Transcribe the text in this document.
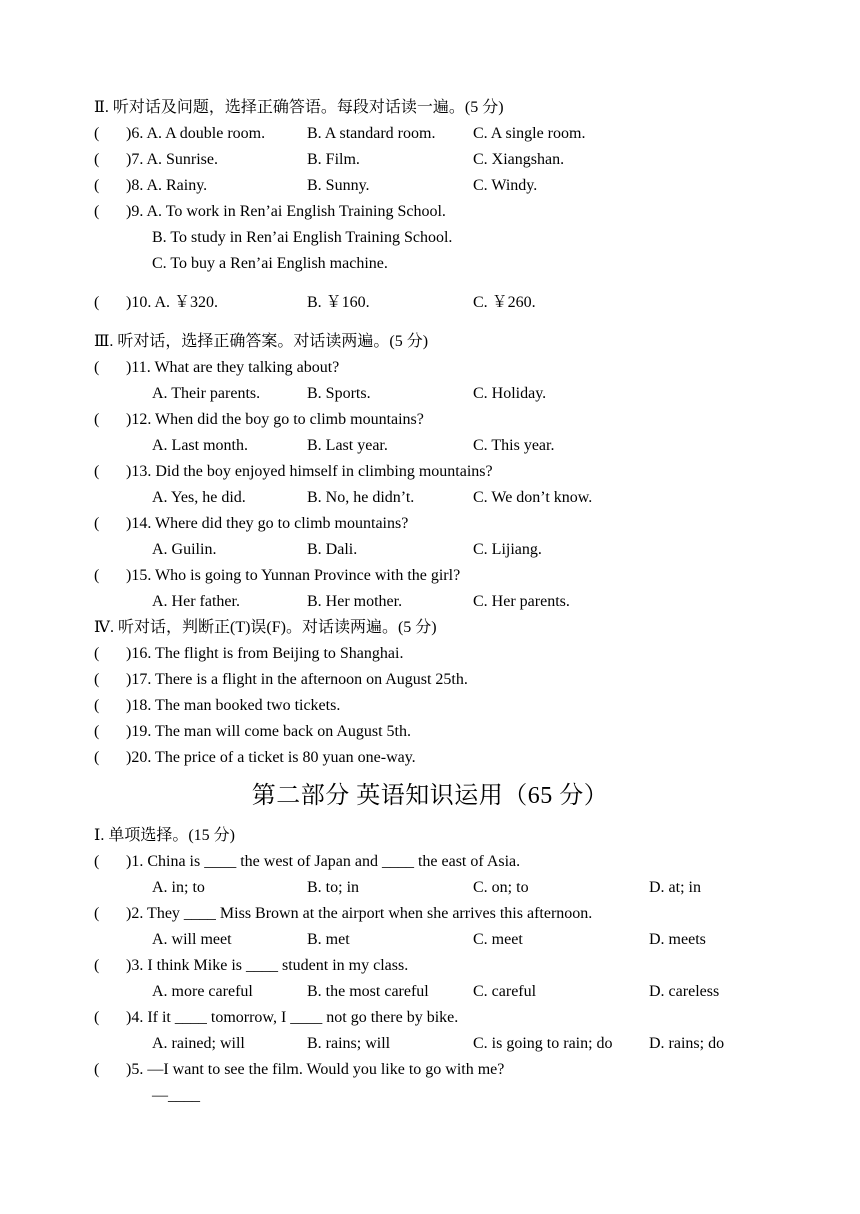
Ⅱ. 听对话及问题，选择正确答语。每段对话读一遍。(5 分)
( )6. A. A double room.	B. A standard room. C. A single room.
( )7. A. Sunrise.	B. Film.	C. Xiangshan.
( )8. A. Rainy.	B. Sunny.	C. Windy.
( )9. A. To work in Ren’ai English Training School.
B. To study in Ren’ai English Training School.
C. To buy a Ren’ai English machine.
( )10. A. ￥320.	B. ￥160.	C. ￥260.
Ⅲ. 听对话，选择正确答案。对话读两遍。(5 分)
( )11. What are they talking about?
A. Their parents.	B. Sports.	C. Holiday.
( )12. When did the boy go to climb mountains?
A. Last month.	B. Last year.	C. This year.
( )13. Did the boy enjoyed himself in climbing mountains?
A. Yes, he did.	B. No, he didn’t.	C. We don’t know.
( )14. Where did they go to climb mountains?
A. Guilin.	B. Dali.	C. Lijiang.
( )15. Who is going to Yunnan Province with the girl?
A. Her father.	B. Her mother.	C. Her parents.
Ⅳ. 听对话，判断正(T)误(F)。对话读两遍。(5 分)
( )16. The flight is from Beijing to Shanghai.
( )17. There is a flight in the afternoon on August 25th.
( )18. The man booked two tickets.
( )19. The man will come back on August 5th.
( )20. The price of a ticket is 80 yuan one-way.
第二部分 英语知识运用（65 分）
Ⅰ. 单项选择。(15 分)
( )1. China is ____ the west of Japan and ____ the east of Asia.
A. in; to	B. to; in	C. on; to	D. at; in
( )2. They ____ Miss Brown at the airport when she arrives this afternoon.
A. will meet	B. met	C. meet	D. meets
( )3. I think Mike is ____ student in my class.
A. more careful	B. the most careful	C. careful	D. careless
( )4. If it ____ tomorrow, I ____ not go there by bike.
A. rained; will	B. rains; will	C. is going to rain; do D. rains; do
( )5. —I want to see the film. Would you like to go with me?
—____
